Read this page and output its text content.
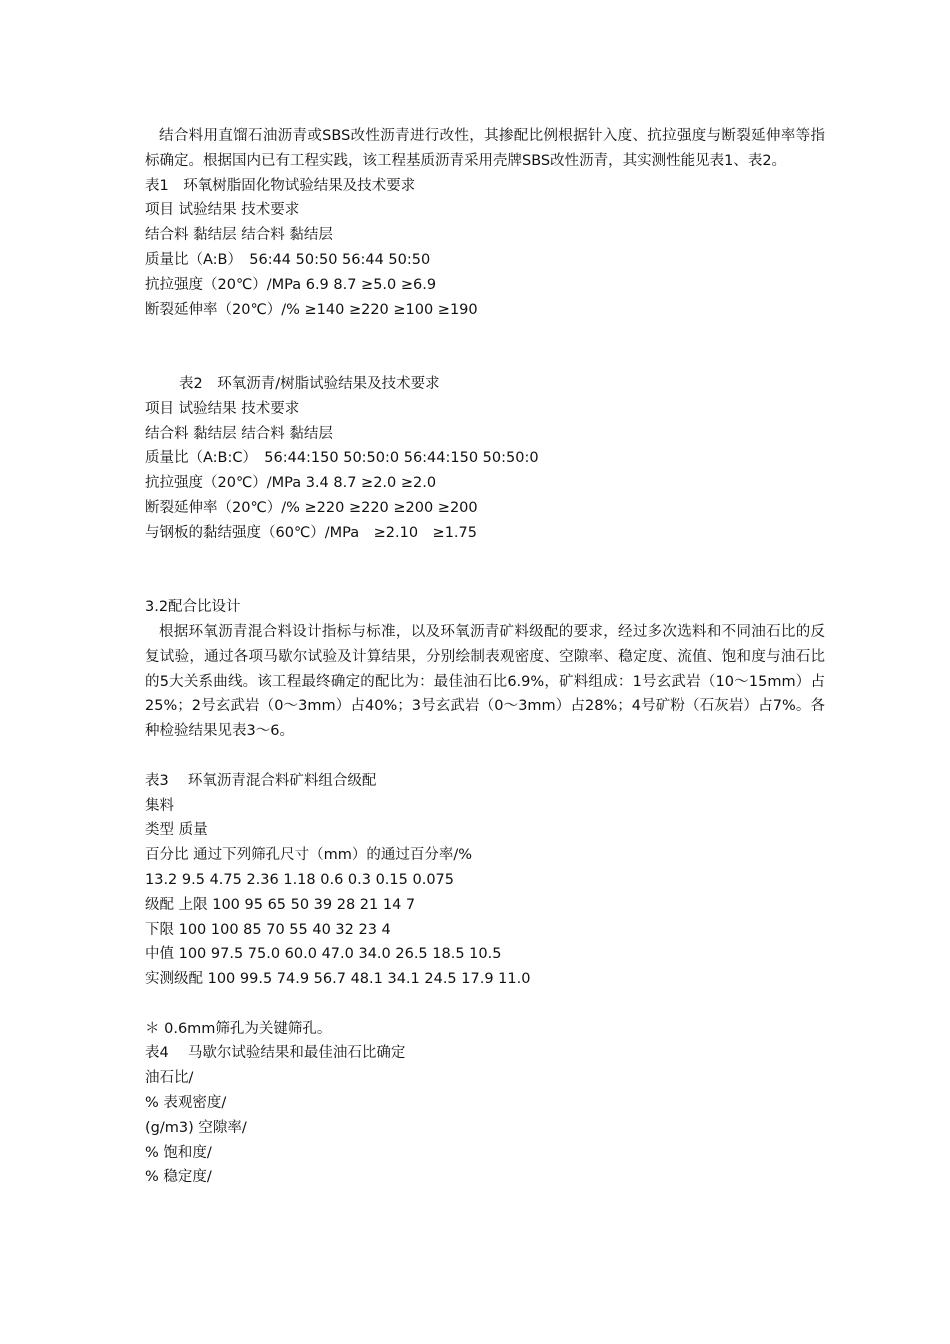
结合料用直馏石油沥青或SBS改性沥青进行改性，其掺配比例根据针入度、抗拉强度与断裂延伸率等指标确定。根据国内已有工程实践，该工程基质沥青采用壳牌SBS改性沥青，其实测性能见表1、表2。
表1　环氧树脂固化物试验结果及技术要求
项目 试验结果 技术要求
结合料 黏结层 结合料 黏结层
质量比（A:B）　56:44 50:50 56:44 50:50
抗拉强度（20℃）/MPa 6.9 8.7 ≥5.0 ≥6.9
断裂延伸率（20℃）/% ≥140 ≥220 ≥100 ≥190
表2　环氧沥青/树脂试验结果及技术要求
项目 试验结果 技术要求
结合料 黏结层 结合料 黏结层
质量比（A:B:C）　56:44:150 50:50:0 56:44:150 50:50:0
抗拉强度（20℃）/MPa 3.4 8.7 ≥2.0 ≥2.0
断裂延伸率（20℃）/% ≥220 ≥220 ≥200 ≥200
与钢板的黏结强度（60℃）/MPa　≥2.10　≥1.75
3.2配合比设计
根据环氧沥青混合料设计指标与标准，以及环氧沥青矿料级配的要求，经过多次选料和不同油石比的反复试验，通过各项马歇尔试验及计算结果，分别绘制表观密度、空隙率、稳定度、流值、饱和度与油石比的5大关系曲线。该工程最终确定的配比为：最佳油石比6.9%，矿料组成：1号玄武岩（10～15mm）占25%；2号玄武岩（0～3mm）占40%；3号玄武岩（0～3mm）占28%；4号矿粉（石灰岩）占7%。各种检验结果见表3～6。
表3　 环氧沥青混合料矿料组合级配
集料
类型 质量
百分比 通过下列筛孔尺寸（mm）的通过百分率/%
13.2 9.5 4.75 2.36 1.18 0.6 0.3 0.15 0.075
级配 上限 100 95 65 50 39 28 21 14 7
下限 100 100 85 70 55 40 32 23 4
中值 100 97.5 75.0 60.0 47.0 34.0 26.5 18.5 10.5
实测级配 100 99.5 74.9 56.7 48.1 34.1 24.5 17.9 11.0
＊ 0.6mm筛孔为关键筛孔。
表4　 马歇尔试验结果和最佳油石比确定
油石比/
% 表观密度/
(g/m3) 空隙率/
% 饱和度/
% 稳定度/
